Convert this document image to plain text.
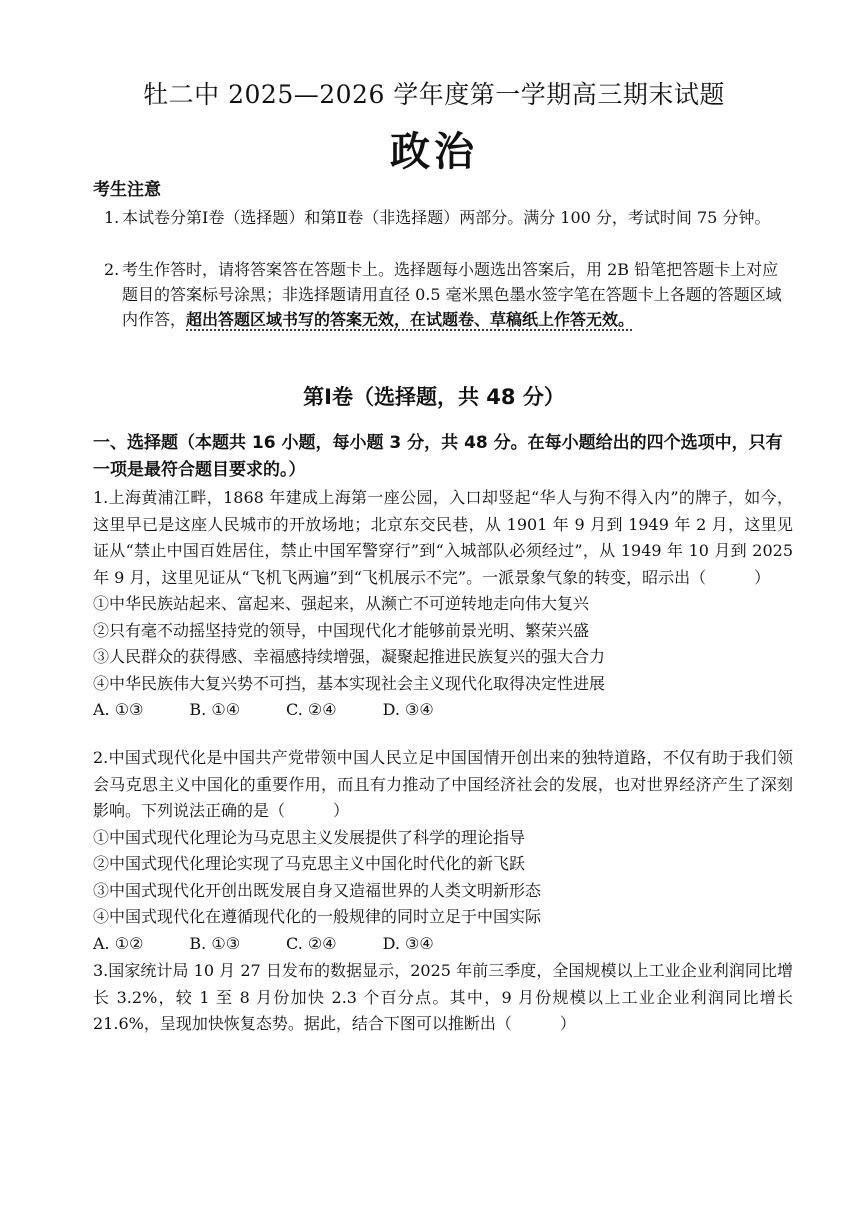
牡二中 2025—2026 学年度第一学期高三期末试题
政治
考生注意
1. 本试卷分第Ⅰ卷（选择题）和第Ⅱ卷（非选择题）两部分。满分 100 分，考试时间 75 分钟。
2. 考生作答时，请将答案答在答题卡上。选择题每小题选出答案后，用 2B 铅笔把答题卡上对应题目的答案标号涂黑；非选择题请用直径 0.5 毫米黑色墨水签字笔在答题卡上各题的答题区域内作答，超出答题区域书写的答案无效，在试题卷、草稿纸上作答无效。
第Ⅰ卷（选择题，共 48 分）
一、选择题（本题共 16 小题，每小题 3 分，共 48 分。在每小题给出的四个选项中，只有一项是最符合题目要求的。）
1.上海黄浦江畔，1868 年建成上海第一座公园，入口却竖起“华人与狗不得入内”的牌子，如今，这里早已是这座人民城市的开放场地；北京东交民巷，从 1901 年 9 月到 1949 年 2 月，这里见证从“禁止中国百姓居住，禁止中国军警穿行”到“入城部队必须经过”，从 1949 年 10 月到 2025 年 9 月，这里见证从“飞机飞两遍”到“飞机展示不完”。一派景象气象的转变，昭示出（　　　）
①中华民族站起来、富起来、强起来，从濒亡不可逆转地走向伟大复兴
②只有毫不动摇坚持党的领导，中国现代化才能够前景光明、繁荣兴盛
③人民群众的获得感、幸福感持续增强，凝聚起推进民族复兴的强大合力
④中华民族伟大复兴势不可挡，基本实现社会主义现代化取得决定性进展
A. ①③	B. ①④	C. ②④	D. ③④
2.中国式现代化是中国共产党带领中国人民立足中国国情开创出来的独特道路，不仅有助于我们领会马克思主义中国化的重要作用，而且有力推动了中国经济社会的发展，也对世界经济产生了深刻影响。下列说法正确的是（　　　）
①中国式现代化理论为马克思主义发展提供了科学的理论指导
②中国式现代化理论实现了马克思主义中国化时代化的新飞跃
③中国式现代化开创出既发展自身又造福世界的人类文明新形态
④中国式现代化在遵循现代化的一般规律的同时立足于中国实际
A. ①②	B. ①③	C. ②④	D. ③④
3.国家统计局 10 月 27 日发布的数据显示，2025 年前三季度，全国规模以上工业企业利润同比增长 3.2%，较 1 至 8 月份加快 2.3 个百分点。其中，9 月份规模以上工业企业利润同比增长 21.6%，呈现加快恢复态势。据此，结合下图可以推断出（　　　）
